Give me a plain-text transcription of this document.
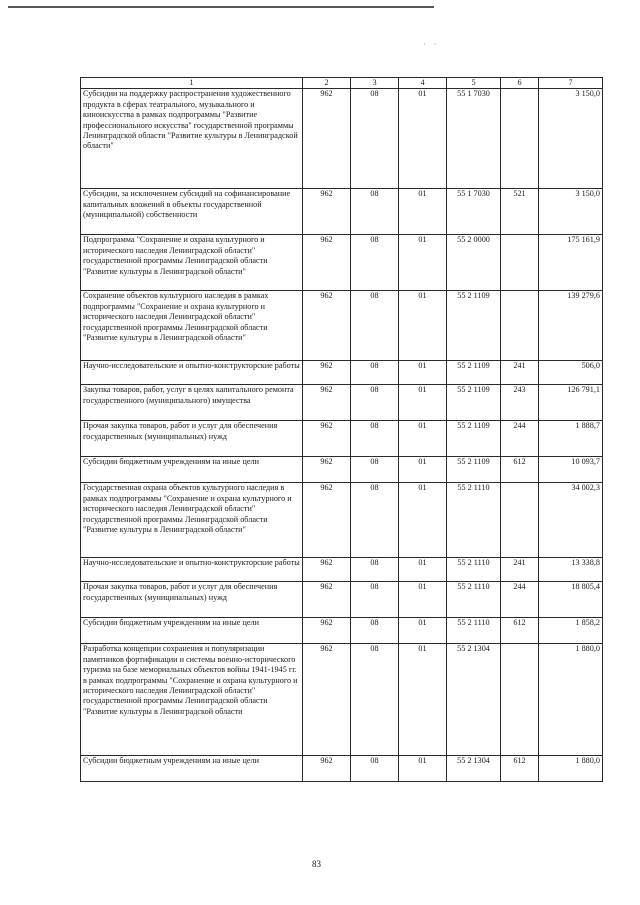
· ·
1	2	3	4	5	6	7
Субсидии на поддержку распространения художественного продукта в сферах театрального, музыкального и киноискусства в рамках подпрограммы "Развитие профессионального искусства" государственной программы Ленинградской области "Развитие культуры в Ленинградской области"	962	08	01	55 1 7030		3 150,0
Субсидии, за исключением субсидий на софинансирование капитальных вложений в объекты государственной (муниципальной) собственности	962	08	01	55 1 7030	521	3 150,0
Подпрограмма "Сохранение и охрана культурного и исторического наследия Ленинградской области" государственной программы Ленинградской области "Развитие культуры в Ленинградской области"	962	08	01	55 2 0000		175 161,9
Сохранение объектов культурного наследия в рамках подпрограммы "Сохранение и охрана культурного и исторического наследия Ленинградской области" государственной программы Ленинградской области "Развитие культуры в Ленинградской области"	962	08	01	55 2 1109		139 279,6
Научно-исследовательские и опытно-конструкторские работы	962	08	01	55 2 1109	241	506,0
Закупка товаров, работ, услуг в целях капитального ремонта государственного (муниципального) имущества	962	08	01	55 2 1109	243	126 791,1
Прочая закупка товаров, работ и услуг для обеспечения государственных (муниципальных) нужд	962	08	01	55 2 1109	244	1 888,7
Субсидии бюджетным учреждениям на иные цели	962	08	01	55 2 1109	612	10 093,7
Государственная охрана объектов культурного наследия в рамках подпрограммы "Сохранение и охрана культурного и исторического наследия Ленинградской области" государственной программы Ленинградской области "Развитие культуры в Ленинградской области"	962	08	01	55 2 1110		34 002,3
Научно-исследовательские и опытно-конструкторские работы	962	08	01	55 2 1110	241	13 338,8
Прочая закупка товаров, работ и услуг для обеспечения государственных (муниципальных) нужд	962	08	01	55 2 1110	244	18 805,4
Субсидии бюджетным учреждениям на иные цели	962	08	01	55 2 1110	612	1 858,2
Разработка концепции сохранения и популяризации памятников фортификации и системы военно-исторического туризма на базе мемориальных объектов войны 1941-1945 гг. в рамках подпрограммы "Сохранение и охрана культурного и исторического наследия Ленинградской области" государственной программы Ленинградской области "Развитие культуры в Ленинградской области	962	08	01	55 2 1304		1 880,0
Субсидии бюджетным учреждениям на иные цели	962	08	01	55 2 1304	612	1 880,0
83
